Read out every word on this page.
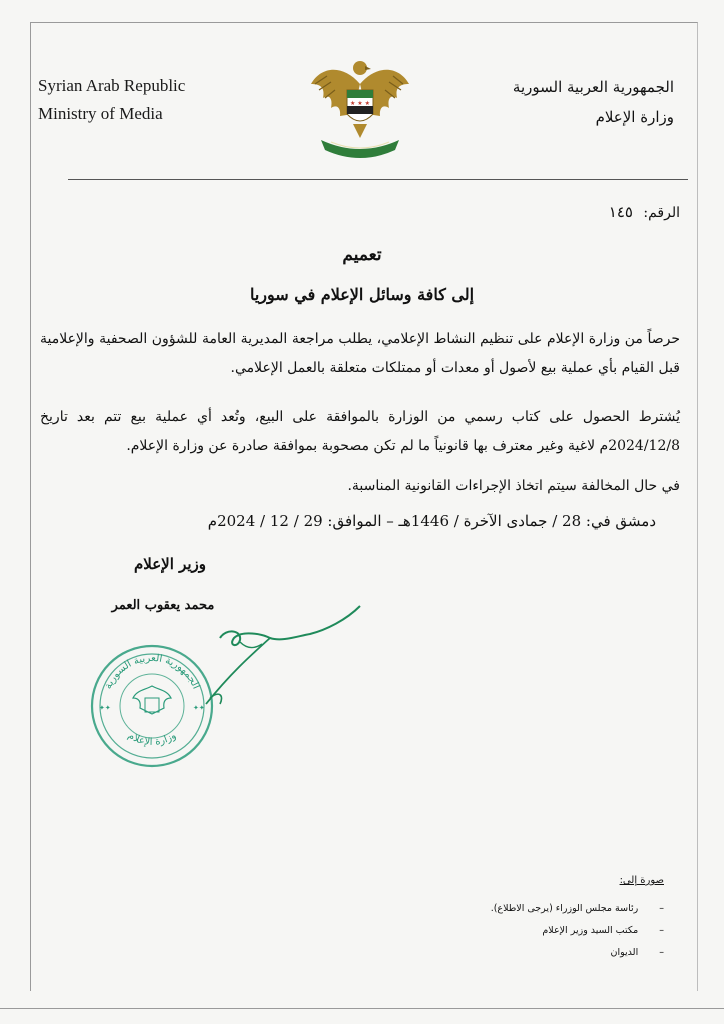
Syrian Arab Republic
Ministry of Media
★ ★ ★
الجمهورية العربية السورية
وزارة الإعلام
الرقم: ١٤٥
تعميم
إلى كافة وسائل الإعلام في سوريا
حرصاً من وزارة الإعلام على تنظيم النشاط الإعلامي، يطلب مراجعة المديرية العامة للشؤون الصحفية والإعلامية قبل القيام بأي عملية بيع لأصول أو معدات أو ممتلكات متعلقة بالعمل الإعلامي.
يُشترط الحصول على كتاب رسمي من الوزارة بالموافقة على البيع، وتُعد أي عملية بيع تتم بعد تاريخ 2024/12/8م لاغية وغير معترف بها قانونياً ما لم تكن مصحوبة بموافقة صادرة عن وزارة الإعلام.
في حال المخالفة سيتم اتخاذ الإجراءات القانونية المناسبة.
دمشق في: 28 / جمادى الآخرة / 1446هـ – الموافق: 29 / 12 / 2024م
وزير الإعلام
محمد يعقوب العمر
الجمهورية العربية السورية
وزارة الإعلام
✦✦	✦✦
صورة إلى:
– رئاسة مجلس الوزراء (يرجى الاطلاع).
– مكتب السيد وزير الإعلام
– الديوان
